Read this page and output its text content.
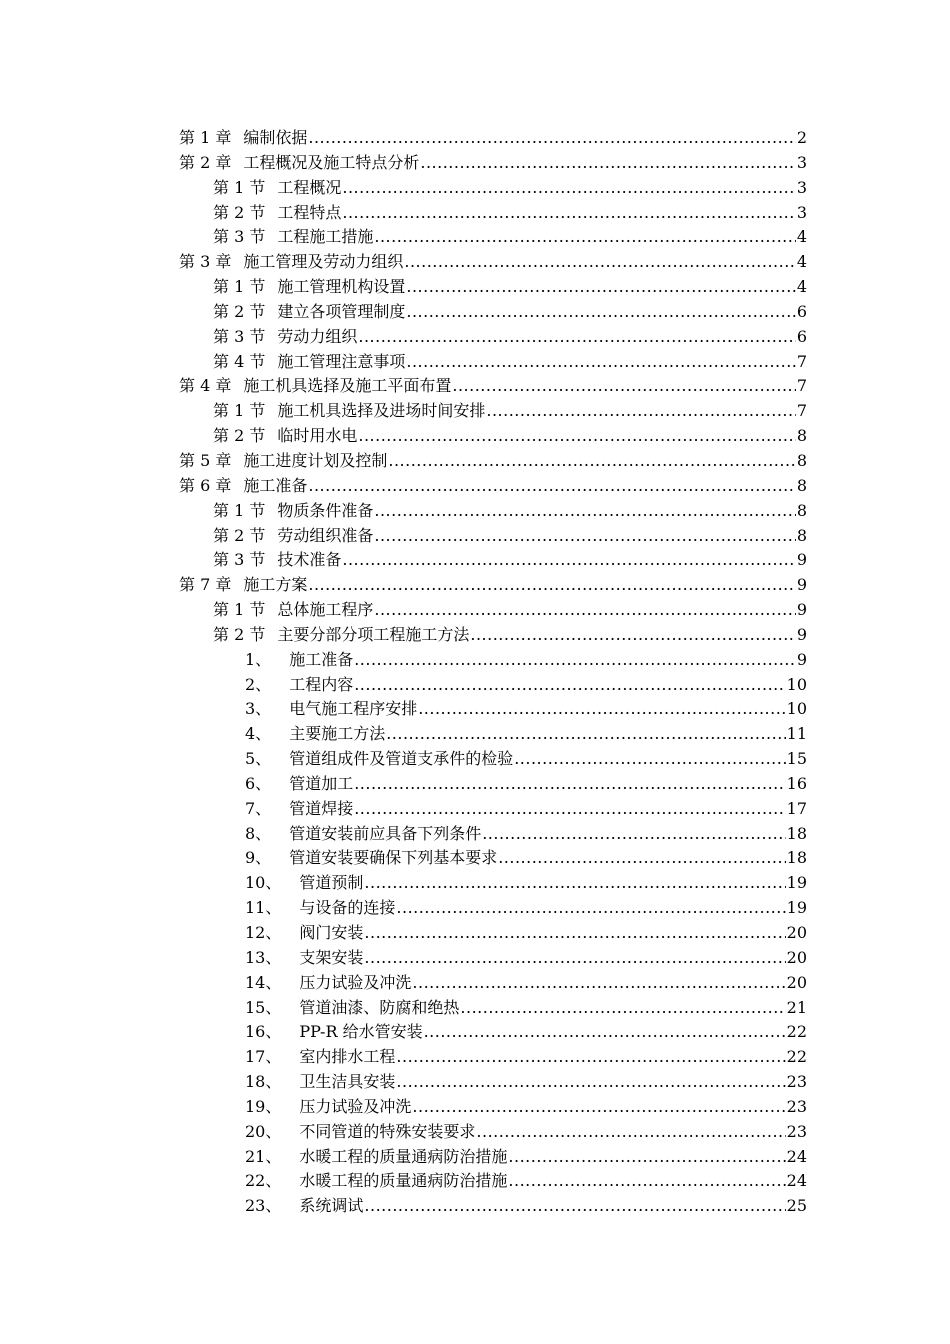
第 1 章 编制依据 .....	2
第 2 章 工程概况及施工特点分析 .....	3
第 1 节 工程概况 .....	3
第 2 节 工程特点 .....	3
第 3 节 工程施工措施 .....	4
第 3 章 施工管理及劳动力组织 .....	4
第 1 节 施工管理机构设置 .....	4
第 2 节 建立各项管理制度 .....	6
第 3 节 劳动力组织 .....	6
第 4 节 施工管理注意事项 .....	7
第 4 章 施工机具选择及施工平面布置 .....	7
第 1 节 施工机具选择及进场时间安排 .....	7
第 2 节 临时用水电 .....	8
第 5 章 施工进度计划及控制 .....	8
第 6 章 施工准备 .....	8
第 1 节 物质条件准备 .....	8
第 2 节 劳动组织准备 .....	8
第 3 节 技术准备 .....	9
第 7 章 施工方案 .....	9
第 1 节 总体施工程序 .....	9
第 2 节 主要分部分项工程施工方法 .....	9
1、 施工准备 .....	9
2、 工程内容 .....	10
3、 电气施工程序安排 .....	10
4、 主要施工方法 .....	11
5、 管道组成件及管道支承件的检验 .....	15
6、 管道加工 .....	16
7、 管道焊接 .....	17
8、 管道安装前应具备下列条件 .....	18
9、 管道安装要确保下列基本要求 .....	18
10、 管道预制 .....	19
11、 与设备的连接 .....	19
12、 阀门安装 .....	20
13、 支架安装 .....	20
14、 压力试验及冲洗 .....	20
15、 管道油漆、防腐和绝热 .....	21
16、 PP-R 给水管安装 .....	22
17、 室内排水工程 .....	22
18、 卫生洁具安装 .....	23
19、 压力试验及冲洗 .....	23
20、 不同管道的特殊安装要求 .....	23
21、 水暖工程的质量通病防治措施 .....	24
22、 水暖工程的质量通病防治措施 .....	24
23、 系统调试 .....	25
